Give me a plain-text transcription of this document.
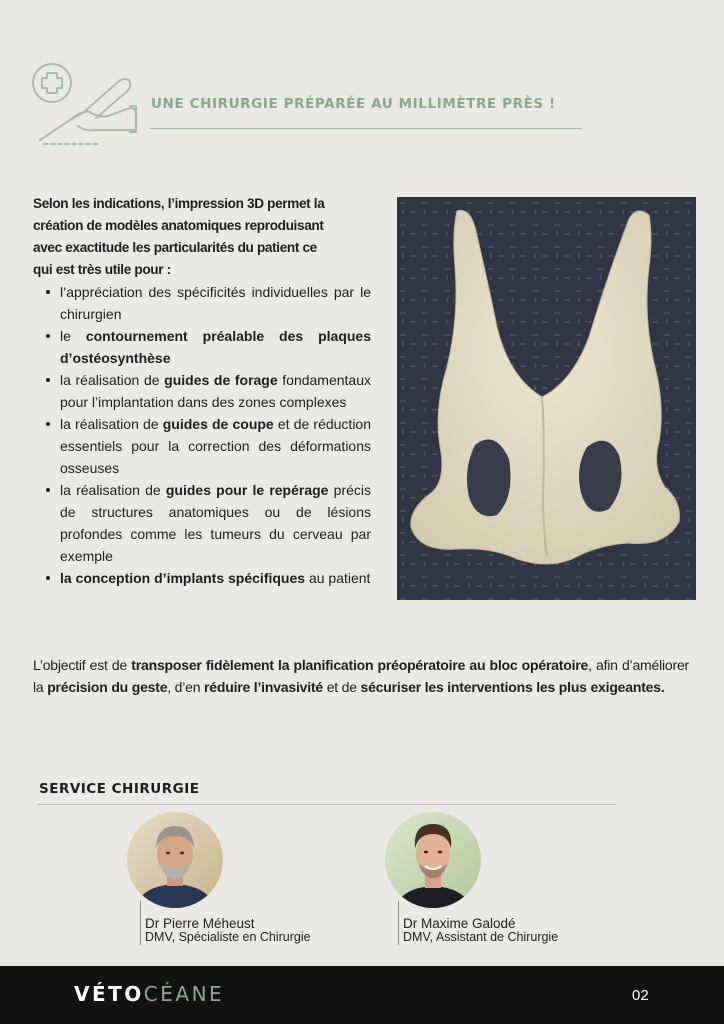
UNE CHIRURGIE PRÉPARÉE AU MILLIMÈTRE PRÈS !
Selon les indications, l’impression 3D permet la
création de modèles anatomiques reproduisant
avec exactitude les particularités du patient ce
qui est très utile pour :
l’appréciation des spécificités individuelles par le chirurgien
le contournement préalable des plaques d’ostéosynthèse
la réalisation de guides de forage fondamentaux pour l’implantation dans des zones complexes
la réalisation de guides de coupe et de réduction essentiels pour la correction des déformations osseuses
la réalisation de guides pour le repérage précis de structures anatomiques ou de lésions profondes comme les tumeurs du cerveau par exemple
la conception d’implants spécifiques au patient

L’objectif est de transposer fidèlement la planification préopératoire au bloc opératoire, afin d’améliorer la précision du geste, d’en réduire l’invasivité et de sécuriser les interventions les plus exigeantes.

SERVICE CHIRURGIE
Dr Pierre Méheust
DMV, Spécialiste en Chirurgie
Dr Maxime Galodé
DMV, Assistant de Chirurgie
VÉTOCÉANE	02
